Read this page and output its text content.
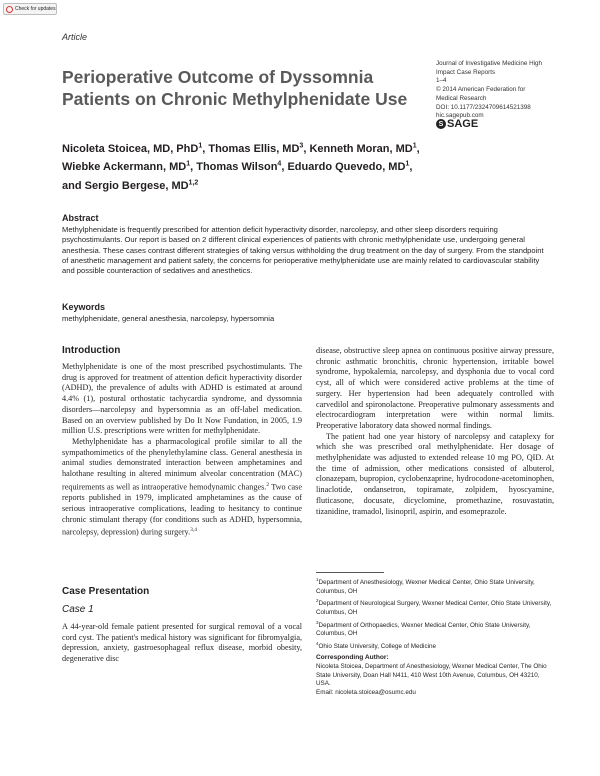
Check for updates
Article
Perioperative Outcome of Dyssomnia Patients on Chronic Methylphenidate Use
Nicoleta Stoicea, MD, PhD$^1$, Thomas Ellis, $MD^3$, Kenneth Moran, $MD^1$, Wiebke Ackermann, $MD^1$, Thomas Wilson$^4$, Eduardo Quevedo, $MD^1$, and Sergio Bergese, MD$^{1,2}$
Journal of Investigative Medicine High
Impact Case Reports
1–4
© 2014 American Federation for
Medical Research
DOI: 10.1177/2324709614521398
hic.sagepub.com
S SAGE
Abstract
Methylphenidate is frequently prescribed for attention deficit hyperactivity disorder, narcolepsy, and other sleep disorders requiring psychostimulants. Our report is based on 2 different clinical experiences of patients with chronic methylphenidate use, undergoing general anesthesia. These cases contrast different strategies of taking versus withholding the drug treatment on the day of surgery. From the standpoint of anesthetic management and patient safety, the concerns for perioperative methylphenidate use are mainly related to cardiovascular stability and possible counteraction of sedatives and anesthetics.
Keywords
methylphenidate, general anesthesia, narcolepsy, hypersomnia
Introduction

Methylphenidate is one of the most prescribed psychostimulants. The drug is approved for treatment of attention deficit hyperactivity disorder (ADHD), the prevalence of adults with ADHD is estimated at around 4.4% (1), postural orthostatic tachycardia syndrome, and dyssomnia disorders—narcolepsy and hypersomnia as an off-label medication. Based on an overview published by Do It Now Fundation, in 2005, 1.9 million U.S. prescriptions were written for methylphenidate.

Methylphenidate has a pharmacological profile similar to all the sympathomimetics of the phenylethylamine class. General anesthesia in animal studies demonstrated interaction between amphetamines and halothane resulting in altered minimum alveolar concentration (MAC) requirements as well as intraoperative hemodynamic changes.$^2$ Two case reports published in 1979, implicated amphetamines as the cause of serious intraoperative complications, leading to hesitancy to continue chronic stimulant therapy (for conditions such as ADHD, hypersomnia, narcolepsy, depression) during surgery.$^{3,4}$

Case Presentation
Case 1

A 44-year-old female patient presented for surgical removal of a vocal cord cyst. The patient's medical history was significant for fibromyalgia, depression, anxiety, gastroesophageal reflux disease, morbid obesity, degenerative disc

disease, obstructive sleep apnea on continuous positive airway pressure, chronic asthmatic bronchitis, chronic hypertension, irritable bowel syndrome, hypokalemia, narcolepsy, and dysphonia due to vocal cord cyst, all of which were considered active problems at the time of surgery. Her hypertension had been adequately controlled with carvedilol and spironolactone. Preoperative pulmonary assessments and electrocardiogram interpretation were within normal limits. Preoperative laboratory data showed normal findings.

The patient had one year history of narcolepsy and cataplexy for which she was prescribed oral methylphenidate. Her dosage of methylphenidate was adjusted to extended release 10 mg PO, QID. At the time of admission, other medications consisted of albuterol, clonazepam, bupropion, cyclobenzaprine, hydrocodone-acetominophen, linaclotide, ondansetron, topiramate, zolpidem, hyoscyamine, fluticasone, docusate, dicyclomine, promethazine, rosuvastatin, tizanidine, tramadol, lisinopril, aspirin, and esomeprazole.

$^1$Department of Anesthesiology, Wexner Medical Center, Ohio State University, Columbus, OH
$^2$Department of Neurological Surgery, Wexner Medical Center, Ohio State University, Columbus, OH
$^3$Department of Orthopaedics, Wexner Medical Center, Ohio State University, Columbus, OH
$^4$Ohio State University, College of Medicine
Corresponding Author:
Nicoleta Stoicea, Department of Anesthesiology, Wexner Medical Center, The Ohio State University, Doan Hall N411, 410 West 10th Avenue, Columbus, OH 43210, USA.
Email: nicoleta.stoicea@osumc.edu
